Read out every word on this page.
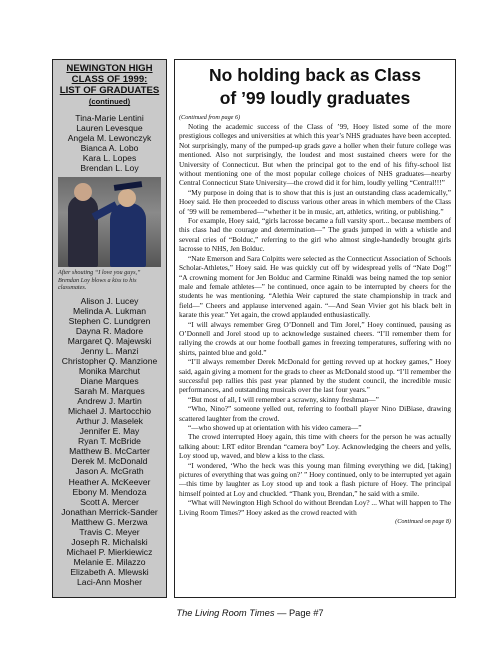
NEWINGTON HIGH
CLASS OF 1999:
LIST OF GRADUATES
(continued)
Tina-Marie Lentini
Lauren Levesque
Angela M. Lewonczyk
Bianca A. Lobo
Kara L. Lopes
Brendan L. Loy
After shouting “I love you guys,” Brendan Loy blows a kiss to his classmates.
Alison J. Lucey
Melinda A. Lukman
Stephen C. Lundgren
Dayna R. Madore
Margaret Q. Majewski
Jenny L. Manzi
Christopher Q. Manzione
Monika Marchut
Diane Marques
Sarah M. Marques
Andrew J. Martin
Michael J. Martocchio
Arthur J. Maselek
Jennifer E. May
Ryan T. McBride
Matthew B. McCarter
Derek M. McDonald
Jason A. McGrath
Heather A. McKeever
Ebony M. Mendoza
Scott A. Mercer
Jonathan Merrick-Sander
Matthew G. Merzwa
Travis C. Meyer
Joseph R. Michalski
Michael P. Mierkiewicz
Melanie E. Milazzo
Elizabeth A. Mlewski
Laci-Ann Mosher
No holding back as Class
of ’99 loudly graduates

(Continued from page 6)

Noting the academic success of the Class of ’99, Hoey listed some of the more prestigious colleges and universities at which this year’s NHS graduates have been accepted. Not surprisingly, many of the pumped-up grads gave a holler when their future college was mentioned. Also not surprisingly, the loudest and most sustained cheers were for the University of Connecticut. But when the principal got to the end of his fifty-school list without mentioning one of the most popular college choices of NHS graduates—nearby Central Connecticut State University—the crowd did it for him, loudly yelling “Central!!!”

“My purpose in doing that is to show that this is just an outstanding class academically,” Hoey said. He then proceeded to discuss various other areas in which members of the Class of ’99 will be remembered—“whether it be in music, art, athletics, writing, or publishing.”

For example, Hoey said, “girls lacrosse became a full varsity sport... because members of this class had the courage and determination—” The grads jumped in with a whistle and several cries of “Bolduc,” referring to the girl who almost single-handedly brought girls lacrosse to NHS, Jen Bolduc.

“Nate Emerson and Sara Colpitts were selected as the Connecticut Association of Schools Scholar-Athletes,” Hoey said. He was quickly cut off by widespread yells of “Nate Dog!” “A crowning moment for Jen Bolduc and Carmine Rinaldi was being named the top senior male and female athletes—” he continued, once again to be interrupted by cheers for the students he was mentioning. “Alethia Weir captured the state championship in track and field—” Cheers and applause intervened again. “—And Sean Vivier got his black belt in karate this year.” Yet again, the crowd applauded enthusiastically.

“I will always remember Greg O’Donnell and Tim Jorel,” Hoey continued, pausing as O’Donnell and Jorel stood up to acknowledge sustained cheers. “I’ll remember them for rallying the crowds at our home football games in freezing temperatures, suffering with no shirts, painted blue and gold.”

“I’ll always remember Derek McDonald for getting revved up at hockey games,” Hoey said, again giving a moment for the grads to cheer as McDonald stood up. “I’ll remember the successful pep rallies this past year planned by the student council, the incredible music performances, and outstanding musicals over the last four years.”

“But most of all, I will remember a scrawny, skinny freshman—”

“Who, Nino?” someone yelled out, referring to football player Nino DiBiase, drawing scattered laughter from the crowd.

“—who showed up at orientation with his video camera—”

The crowd interrupted Hoey again, this time with cheers for the person he was actually talking about: LRT editor Brendan “camera boy” Loy. Acknowledging the cheers and yells, Loy stood up, waved, and blew a kiss to the class.

“I wondered, ‘Who the heck was this young man filming everything we did, [taking] pictures of everything that was going on?’ ” Hoey continued, only to be interrupted yet again—this time by laughter as Loy stood up and took a flash picture of Hoey. The principal himself pointed at Loy and chuckled. “Thank you, Brendan,” he said with a smile.

“What will Newington High School do without Brendan Loy? ... What will happen to The Living Room Times?” Hoey asked as the crowd reacted with

(Continued on page 8)

The Living Room Times — Page #7
